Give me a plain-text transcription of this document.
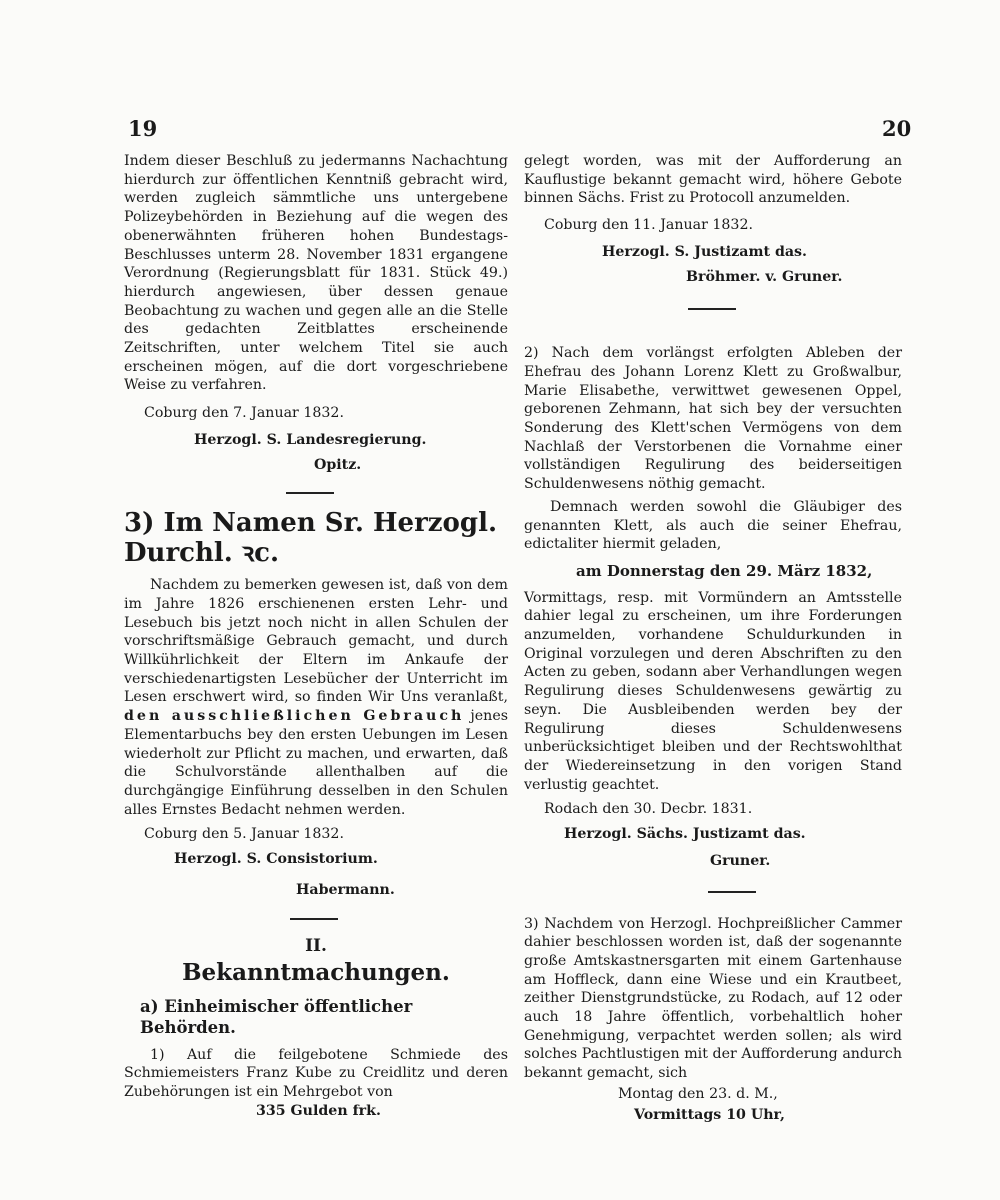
19	20

Indem dieser Beschluß zu jedermanns Nachachtung hierdurch zur öffentlichen Kenntniß gebracht wird, werden zugleich sämmtliche uns untergebene Polizeybehörden in Beziehung auf die wegen des obenerwähnten früheren hohen Bundestags-Beschlusses unterm 28. November 1831 ergangene Verordnung (Regierungsblatt für 1831. Stück 49.) hierdurch angewiesen, über dessen genaue Beobachtung zu wachen und gegen alle an die Stelle des gedachten Zeitblattes erscheinende Zeitschriften, unter welchem Titel sie auch erscheinen mögen, auf die dort vorgeschriebene Weise zu verfahren.

Coburg den 7. Januar 1832.
Herzogl. S. Landesregierung.
Opitz.
3) Im Namen Sr. Herzogl. Durchl. ꝛc.

Nachdem zu bemerken gewesen ist, daß von dem im Jahre 1826 erschienenen ersten Lehr- und Lesebuch bis jetzt noch nicht in allen Schulen der vorschriftsmäßige Gebrauch gemacht, und durch Willkührlichkeit der Eltern im Ankaufe der verschiedenartigsten Lesebücher der Unterricht im Lesen erschwert wird, so finden Wir Uns veranlaßt, den ausschließlichen Gebrauch jenes Elementarbuchs bey den ersten Uebungen im Lesen wiederholt zur Pflicht zu machen, und erwarten, daß die Schulvorstände allenthalben auf die durchgängige Einführung desselben in den Schulen alles Ernstes Bedacht nehmen werden.

Coburg den 5. Januar 1832.
Herzogl. S. Consistorium.
Habermann.
II.
Bekanntmachungen.
a) Einheimischer öffentlicher Behörden.

1) Auf die feilgebotene Schmiede des Schmiemeisters Franz Kube zu Creidlitz und deren Zubehörungen ist ein Mehrgebot von

335 Gulden frk.

gelegt worden, was mit der Aufforderung an Kauflustige bekannt gemacht wird, höhere Gebote binnen Sächs. Frist zu Protocoll anzumelden.

Coburg den 11. Januar 1832.
Herzogl. S. Justizamt das.
Bröhmer. v. Gruner.

2) Nach dem vorlängst erfolgten Ableben der Ehefrau des Johann Lorenz Klett zu Großwalbur, Marie Elisabethe, verwittwet gewesenen Oppel, geborenen Zehmann, hat sich bey der versuchten Sonderung des Klett'schen Vermögens von dem Nachlaß der Verstorbenen die Vornahme einer vollständigen Regulirung des beiderseitigen Schuldenwesens nöthig gemacht.

Demnach werden sowohl die Gläubiger des genannten Klett, als auch die seiner Ehefrau, edictaliter hiermit geladen,

am Donnerstag den 29. März 1832,

Vormittags, resp. mit Vormündern an Amtsstelle dahier legal zu erscheinen, um ihre Forderungen anzumelden, vorhandene Schuldurkunden in Original vorzulegen und deren Abschriften zu den Acten zu geben, sodann aber Verhandlungen wegen Regulirung dieses Schuldenwesens gewärtig zu seyn. Die Ausbleibenden werden bey der Regulirung dieses Schuldenwesens unberücksichtiget bleiben und der Rechtswohlthat der Wiedereinsetzung in den vorigen Stand verlustig geachtet.

Rodach den 30. Decbr. 1831.
Herzogl. Sächs. Justizamt das.
Gruner.

3) Nachdem von Herzogl. Hochpreißlicher Cammer dahier beschlossen worden ist, daß der sogenannte große Amtskastnersgarten mit einem Gartenhause am Hoffleck, dann eine Wiese und ein Krautbeet, zeither Dienstgrundstücke, zu Rodach, auf 12 oder auch 18 Jahre öffentlich, vorbehaltlich hoher Genehmigung, verpachtet werden sollen; als wird solches Pachtlustigen mit der Aufforderung andurch bekannt gemacht, sich

Montag den 23. d. M.,
Vormittags 10 Uhr,
